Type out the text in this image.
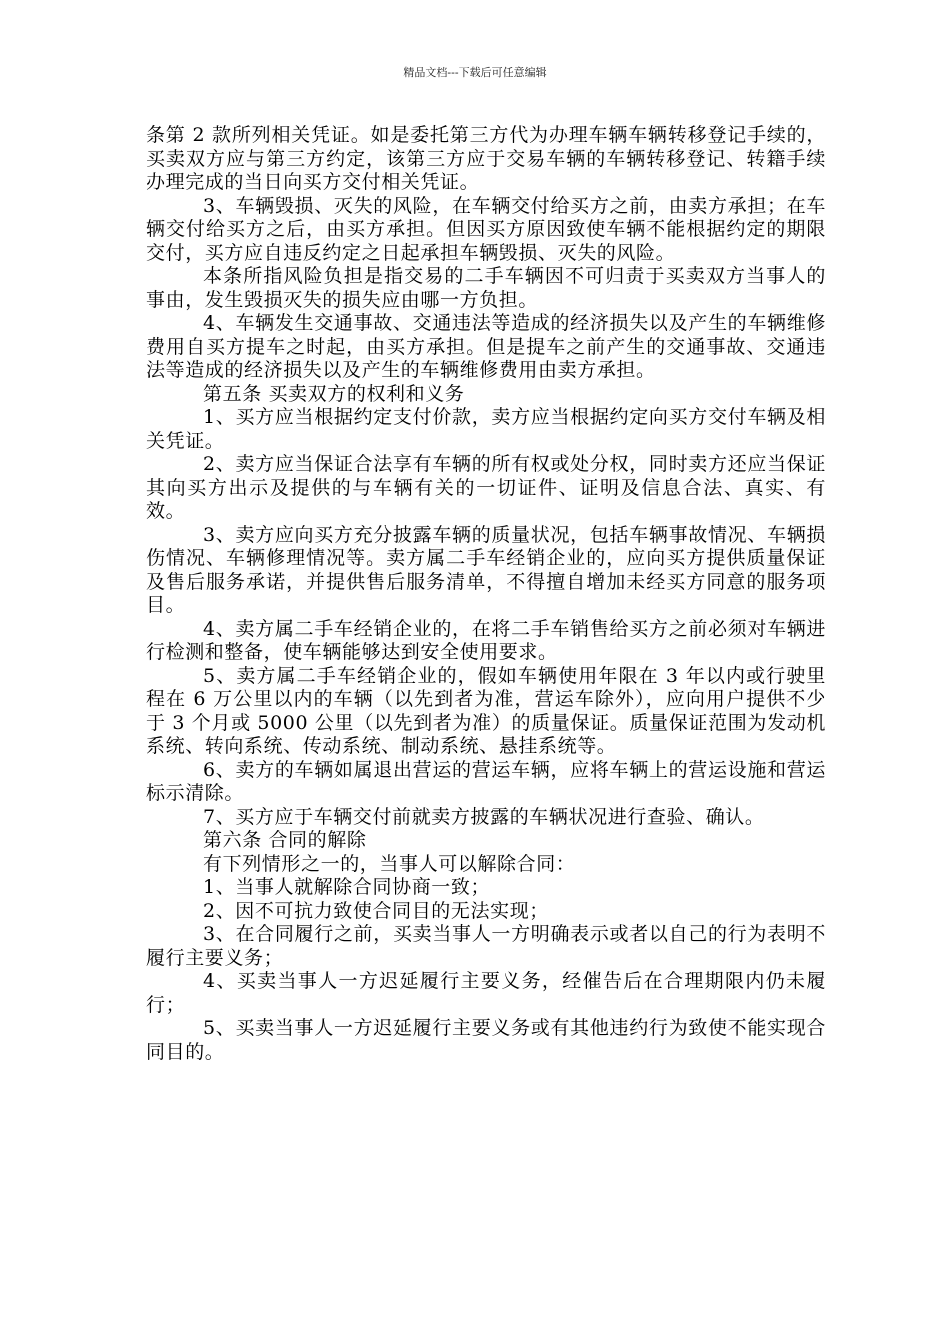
精品文档---下载后可任意编辑

条第 2 款所列相关凭证。如是委托第三方代为办理车辆车辆转移登记手续的，买卖双方应与第三方约定，该第三方应于交易车辆的车辆转移登记、转籍手续办理完成的当日向买方交付相关凭证。

3、车辆毁损、灭失的风险，在车辆交付给买方之前，由卖方承担；在车辆交付给买方之后，由买方承担。但因买方原因致使车辆不能根据约定的期限交付，买方应自违反约定之日起承担车辆毁损、灭失的风险。

本条所指风险负担是指交易的二手车辆因不可归责于买卖双方当事人的事由，发生毁损灭失的损失应由哪一方负担。

4、车辆发生交通事故、交通违法等造成的经济损失以及产生的车辆维修费用自买方提车之时起，由买方承担。但是提车之前产生的交通事故、交通违法等造成的经济损失以及产生的车辆维修费用由卖方承担。

第五条 买卖双方的权利和义务

1、买方应当根据约定支付价款，卖方应当根据约定向买方交付车辆及相关凭证。

2、卖方应当保证合法享有车辆的所有权或处分权，同时卖方还应当保证其向买方出示及提供的与车辆有关的一切证件、证明及信息合法、真实、有效。

3、卖方应向买方充分披露车辆的质量状况，包括车辆事故情况、车辆损伤情况、车辆修理情况等。卖方属二手车经销企业的，应向买方提供质量保证及售后服务承诺，并提供售后服务清单，不得擅自增加未经买方同意的服务项目。

4、卖方属二手车经销企业的，在将二手车销售给买方之前必须对车辆进行检测和整备，使车辆能够达到安全使用要求。

5、卖方属二手车经销企业的，假如车辆使用年限在 3 年以内或行驶里程在 6 万公里以内的车辆（以先到者为准，营运车除外），应向用户提供不少于 3 个月或 5000 公里（以先到者为准）的质量保证。质量保证范围为发动机系统、转向系统、传动系统、制动系统、悬挂系统等。

6、卖方的车辆如属退出营运的营运车辆，应将车辆上的营运设施和营运标示清除。

7、买方应于车辆交付前就卖方披露的车辆状况进行查验、确认。

第六条 合同的解除

有下列情形之一的，当事人可以解除合同：

1、当事人就解除合同协商一致；

2、因不可抗力致使合同目的无法实现；

3、在合同履行之前，买卖当事人一方明确表示或者以自己的行为表明不履行主要义务；

4、买卖当事人一方迟延履行主要义务，经催告后在合理期限内仍未履行；

5、买卖当事人一方迟延履行主要义务或有其他违约行为致使不能实现合同目的。
